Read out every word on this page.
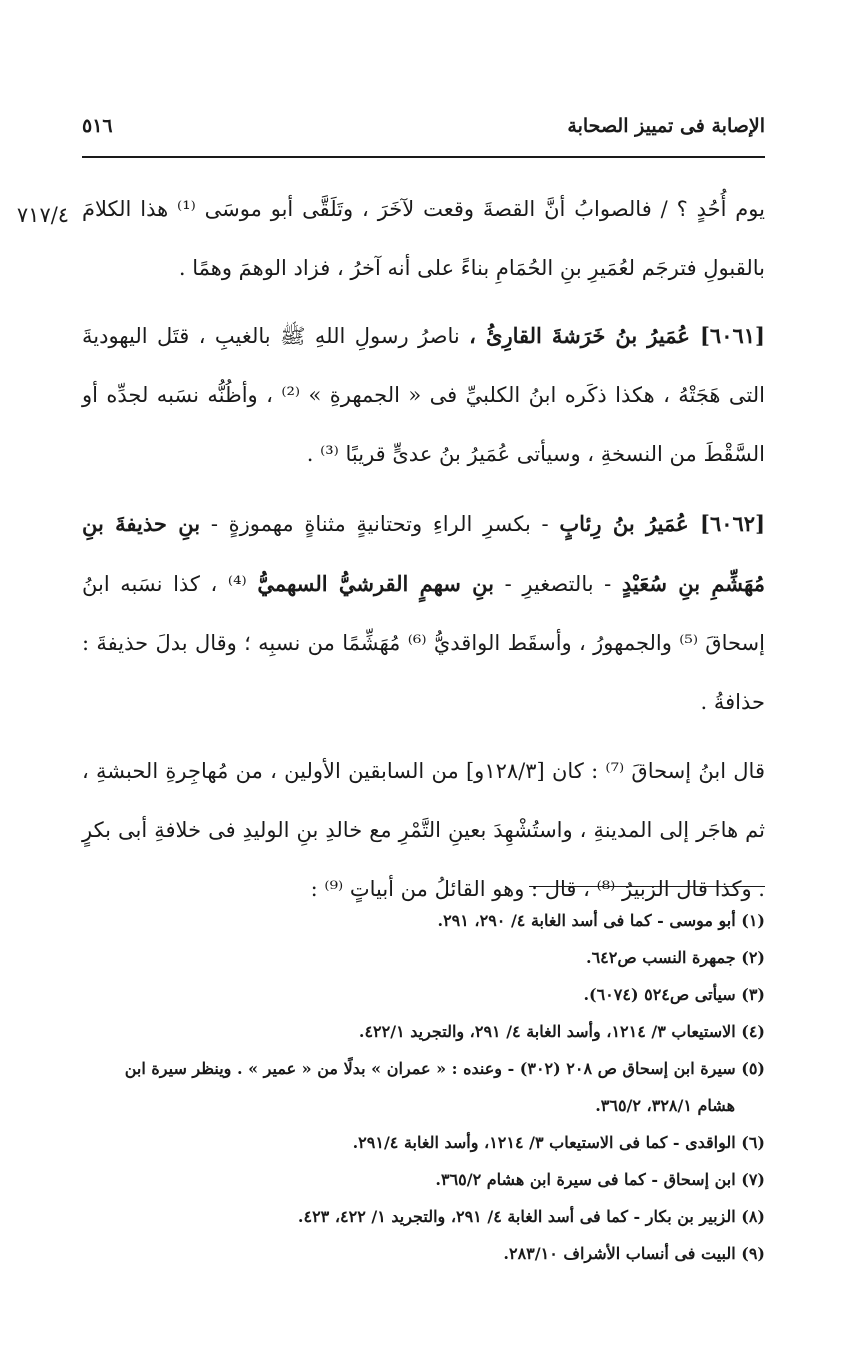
الإصابة فى تمييز الصحابة
٥١٦
٧١٧/٤ يوم أُحُدٍ ؟ / فالصوابُ أنَّ القصةَ وقعت لآخَرَ ، وتَلَقَّى أبو موسَى ⁽¹⁾ هذا الكلامَ بالقبولِ فترجَم لعُمَيرِ بنِ الحُمَامِ بناءً على أنه آخرُ ، فزاد الوهمَ وهمًا .

[٦٠٦١] عُمَيرُ بنُ خَرَشةَ القارِئُ ، ناصرُ رسولِ اللهِ ﷺ بالغيبِ ، قتَل اليهوديةَ التى هَجَتْهُ ، هكذا ذكَره ابنُ الكلبيِّ فى « الجمهرةِ » ⁽²⁾ ، وأظُنُّه نسَبه لجدِّه أو السَّقْطَ من النسخةِ ، وسيأتى عُمَيرُ بنُ عدىٍّ قريبًا ⁽³⁾ .

[٦٠٦٢] عُمَيرُ بنُ رِئابٍ - بكسرِ الراءِ وتحتانيةٍ مثناةٍ مهموزةٍ - بنِ حذيفةَ بنِ مُهَشِّمِ بنِ سُعَيْدٍ - بالتصغيرِ - بنِ سهمٍ القرشيُّ السهميُّ ⁽⁴⁾ ، كذا نسَبه ابنُ إسحاقَ ⁽⁵⁾ والجمهورُ ، وأسقَط الواقديُّ ⁽⁶⁾ مُهَشِّمًا من نسبِه ؛ وقال بدلَ حذيفةَ : حذافةُ .

قال ابنُ إسحاقَ ⁽⁷⁾ : كان [١٢٨/٣و] من السابقين الأولين ، من مُهاجِرةِ الحبشةِ ، ثم هاجَر إلى المدينةِ ، واستُشْهِدَ بعينِ التَّمْرِ مع خالدِ بنِ الوليدِ فى خلافةِ أبى بكرٍ . وكذا قال الزبيرُ ⁽⁸⁾ ، قال : وهو القائلُ من أبياتٍ ⁽⁹⁾ :

(١) أبو موسى - كما فى أسد الغابة ٤/ ٢٩٠، ٢٩١.

(٢) جمهرة النسب ص٦٤٢.

(٣) سيأتى ص٥٢٤ (٦٠٧٤).

(٤) الاستيعاب ٣/ ١٢١٤، وأسد الغابة ٤/ ٢٩١، والتجريد ٤٢٢/١.

(٥) سيرة ابن إسحاق ص ٢٠٨ (٣٠٢) - وعنده : « عمران » بدلًا من « عمير » . وينظر سيرة ابن

هشام ٣٢٨/١، ٣٦٥/٢.

(٦) الواقدى - كما فى الاستيعاب ٣/ ١٢١٤، وأسد الغابة ٢٩١/٤.

(٧) ابن إسحاق - كما فى سيرة ابن هشام ٣٦٥/٢.

(٨) الزبير بن بكار - كما فى أسد الغابة ٤/ ٢٩١، والتجريد ١/ ٤٢٢، ٤٢٣.

(٩) البيت فى أنساب الأشراف ٢٨٣/١٠.
